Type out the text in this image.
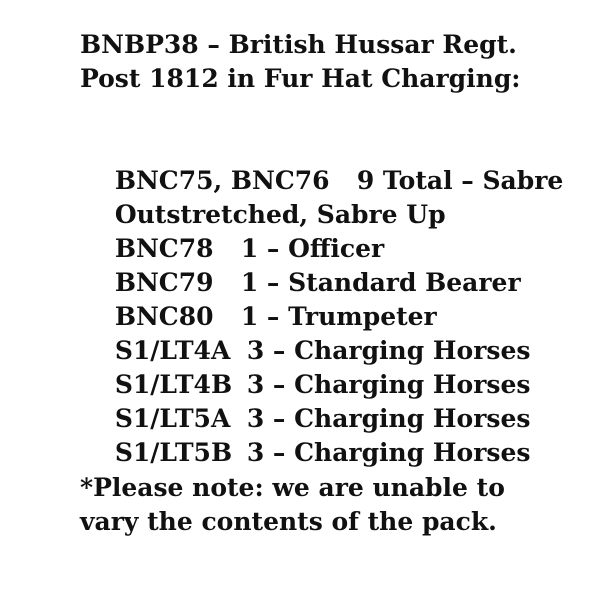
BNBP38 – British Hussar Regt.
Post 1812 in Fur Hat Charging:

BNC75, BNC76 9 Total – Sabre

Outstretched, Sabre Up

BNC78 1 – Officer

BNC79 1 – Standard Bearer

BNC80 1 – Trumpeter

S1/LT4A 3 – Charging Horses

S1/LT4B 3 – Charging Horses

S1/LT5A 3 – Charging Horses

S1/LT5B 3 – Charging Horses

*Please note: we are unable to
vary the contents of the pack.
